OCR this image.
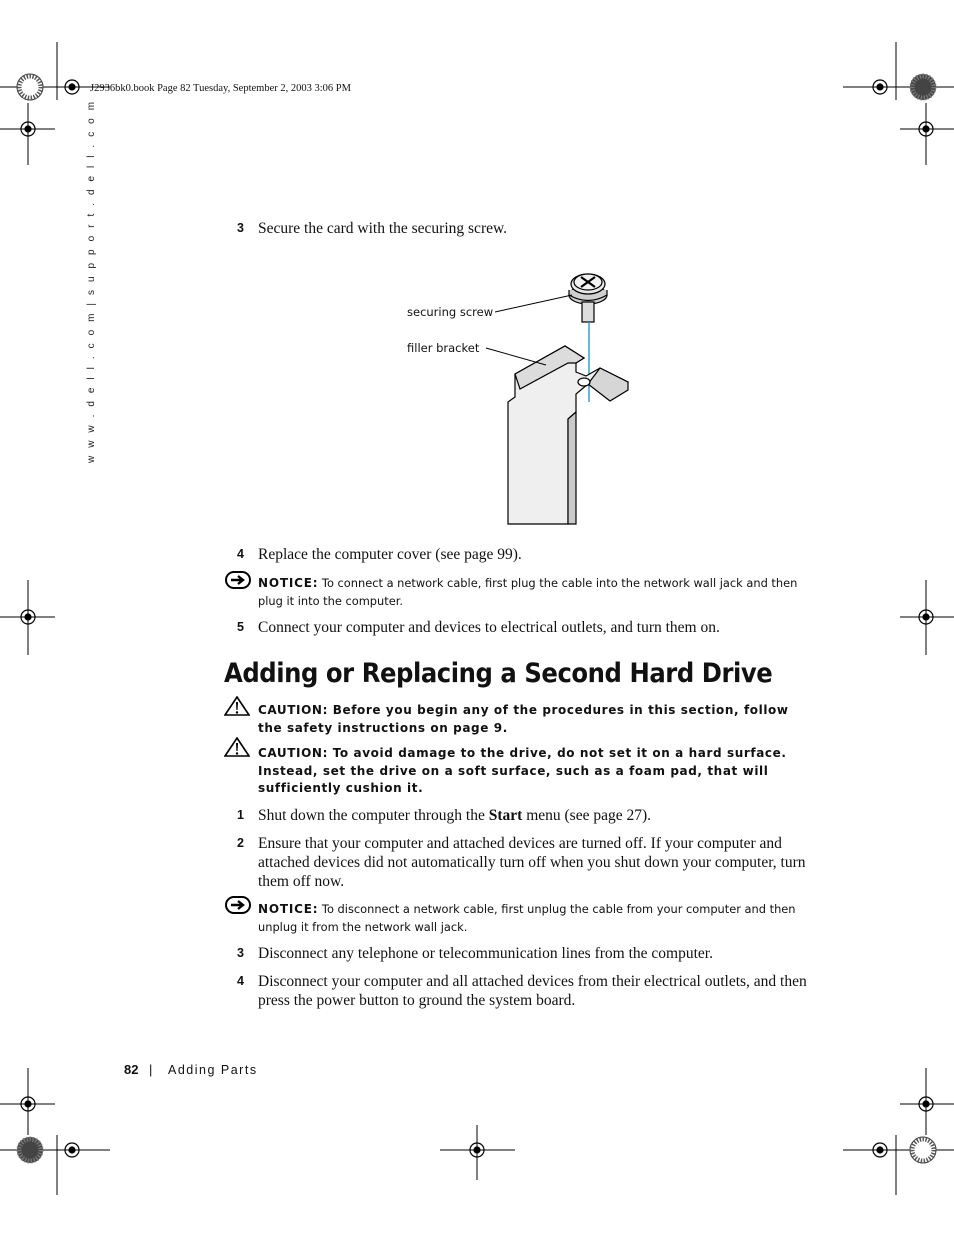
J2936bk0.book Page 82 Tuesday, September 2, 2003 3:06 PM
w w w . d e l l . c o m | s u p p o r t . d e l l . c o m	3 Secure the card with the securing screw.
securing screw
filler bracket
4 Replace the computer cover (see page 99).
NOTICE: To connect a network cable, first plug the cable into the network wall jack and then plug it into the computer.
5 Connect your computer and devices to electrical outlets, and turn them on.
Adding or Replacing a Second Hard Drive
CAUTION: Before you begin any of the procedures in this section, follow the safety instructions on page 9.
CAUTION: To avoid damage to the drive, do not set it on a hard surface. Instead, set the drive on a soft surface, such as a foam pad, that will sufficiently cushion it.
1 Shut down the computer through the Start menu (see page 27).
2 Ensure that your computer and attached devices are turned off. If your computer and attached devices did not automatically turn off when you shut down your computer, turn them off now.
NOTICE: To disconnect a network cable, first unplug the cable from your computer and then unplug it from the network wall jack.
3 Disconnect any telephone or telecommunication lines from the computer.
4 Disconnect your computer and all attached devices from their electrical outlets, and then press the power button to ground the system board.
82 | Adding Parts
